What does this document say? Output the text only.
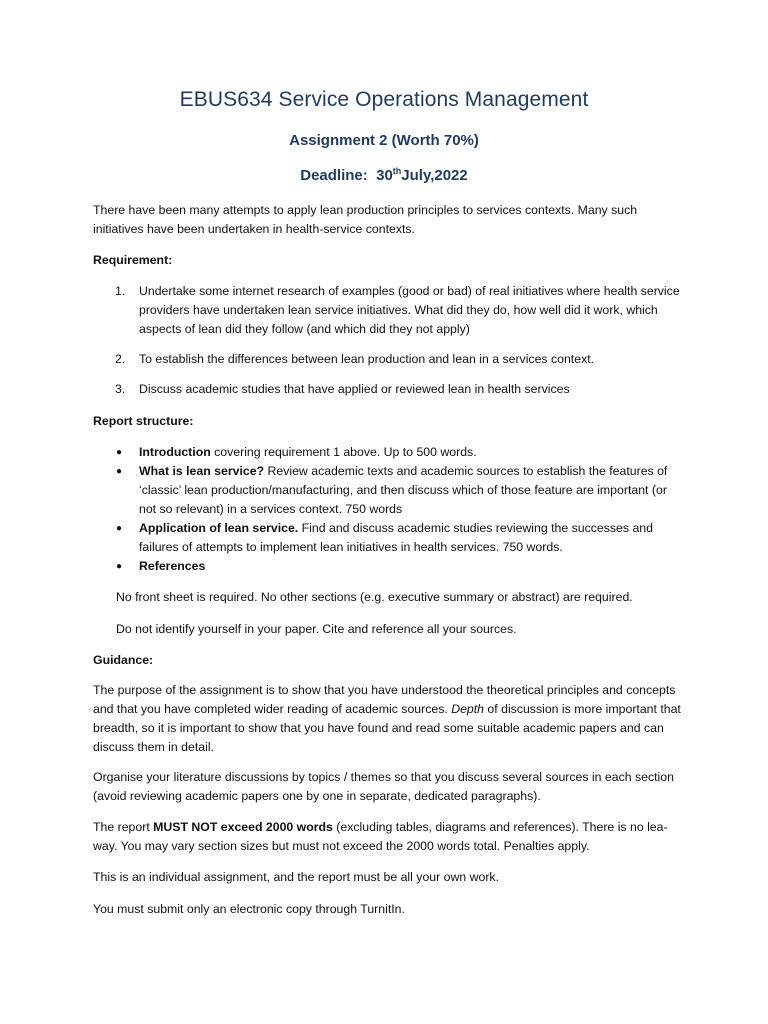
EBUS634 Service Operations Management
Assignment 2 (Worth 70%)
Deadline: 30thJuly,2022

There have been many attempts to apply lean production principles to services contexts. Many such initiatives have been undertaken in health-service contexts.

Requirement:

1.	Undertake some internet research of examples (good or bad) of real initiatives where health service providers have undertaken lean service initiatives. What did they do, how well did it work, which aspects of lean did they follow (and which did they not apply)
2.	To establish the differences between lean production and lean in a services context.
3.	Discuss academic studies that have applied or reviewed lean in health services

Report structure:

●	Introduction covering requirement 1 above. Up to 500 words.
●	What is lean service? Review academic texts and academic sources to establish the features of ‘classic’ lean production/manufacturing, and then discuss which of those feature are important (or not so relevant) in a services context. 750 words
●	Application of lean service. Find and discuss academic studies reviewing the successes and failures of attempts to implement lean initiatives in health services. 750 words.
●	References

No front sheet is required. No other sections (e.g. executive summary or abstract) are required.

Do not identify yourself in your paper. Cite and reference all your sources.

Guidance:

The purpose of the assignment is to show that you have understood the theoretical principles and concepts and that you have completed wider reading of academic sources. Depth of discussion is more important that breadth, so it is important to show that you have found and read some suitable academic papers and can discuss them in detail.

Organise your literature discussions by topics / themes so that you discuss several sources in each section (avoid reviewing academic papers one by one in separate, dedicated paragraphs).

The report MUST NOT exceed 2000 words (excluding tables, diagrams and references). There is no lea-way. You may vary section sizes but must not exceed the 2000 words total. Penalties apply.

This is an individual assignment, and the report must be all your own work.

You must submit only an electronic copy through TurnitIn.
